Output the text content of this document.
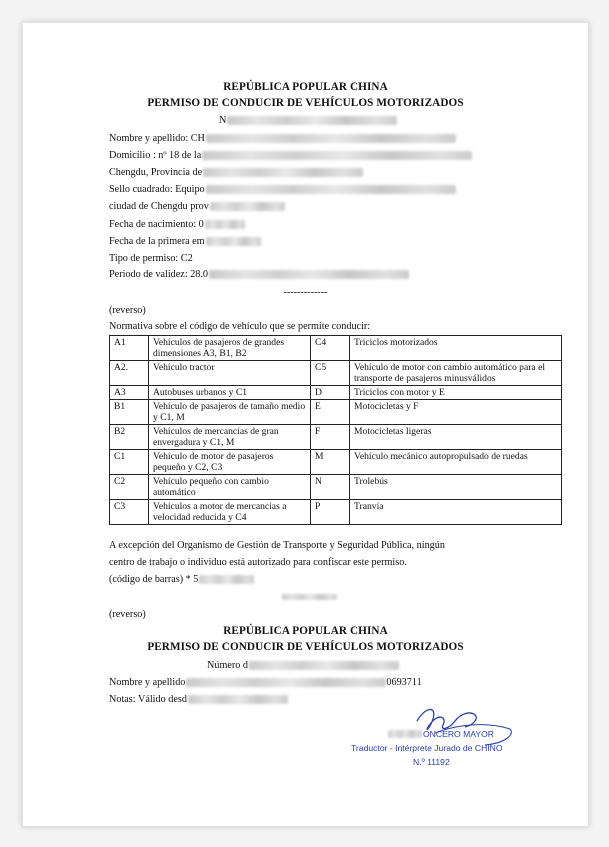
REPÚBLICA POPULAR CHINA
PERMISO DE CONDUCIR DE VEHÍCULOS MOTORIZADOS
N
Nombre y apellido: CH
Domicilio : nº 18 de la
Chengdu, Provincia de
Sello cuadrado: Equipo
ciudad de Chengdu prov
Fecha de nacimiento: 0
Fecha de la primera em
Tipo de permiso: C2
Periodo de validez: 28.0
-------------
(reverso)
Normativa sobre el código de vehículo que se permite conducir:
A1	Vehículos de pasajeros de grandes dimensiones A3, B1, B2	C4	Triciclos motorizados
A2.	Vehículo tractor	C5	Vehículo de motor con cambio automático para el transporte de pasajeros minusválidos
A3	Autobuses urbanos y C1	D	Triciclos con motor y E
B1	Vehículo de pasajeros de tamaño medio y C1, M	E	Motocicletas y F
B2	Vehículos de mercancías de gran envergadura y C1, M	F	Motocicletas ligeras
C1	Vehículo de motor de pasajeros pequeño y C2, C3	M	Vehículo mecánico autopropulsado de ruedas
C2	Vehículo pequeño con cambio automático	N	Trolebús
C3	Vehículos a motor de mercancías a velocidad reducida y C4	P	Tranvía
A excepción del Organismo de Gestión de Transporte y Seguridad Pública, ningún
centro de trabajo o individuo está autorizado para confiscar este permiso.
(código de barras) * 5
(reverso)
REPÚBLICA POPULAR CHINA
PERMISO DE CONDUCIR DE VEHÍCULOS MOTORIZADOS
Número d
Nombre y apellido	0693711
Notas: Válido desd
ONCERO MAYOR
Traductor - Intérprete Jurado de CHINO
N.º 11192
